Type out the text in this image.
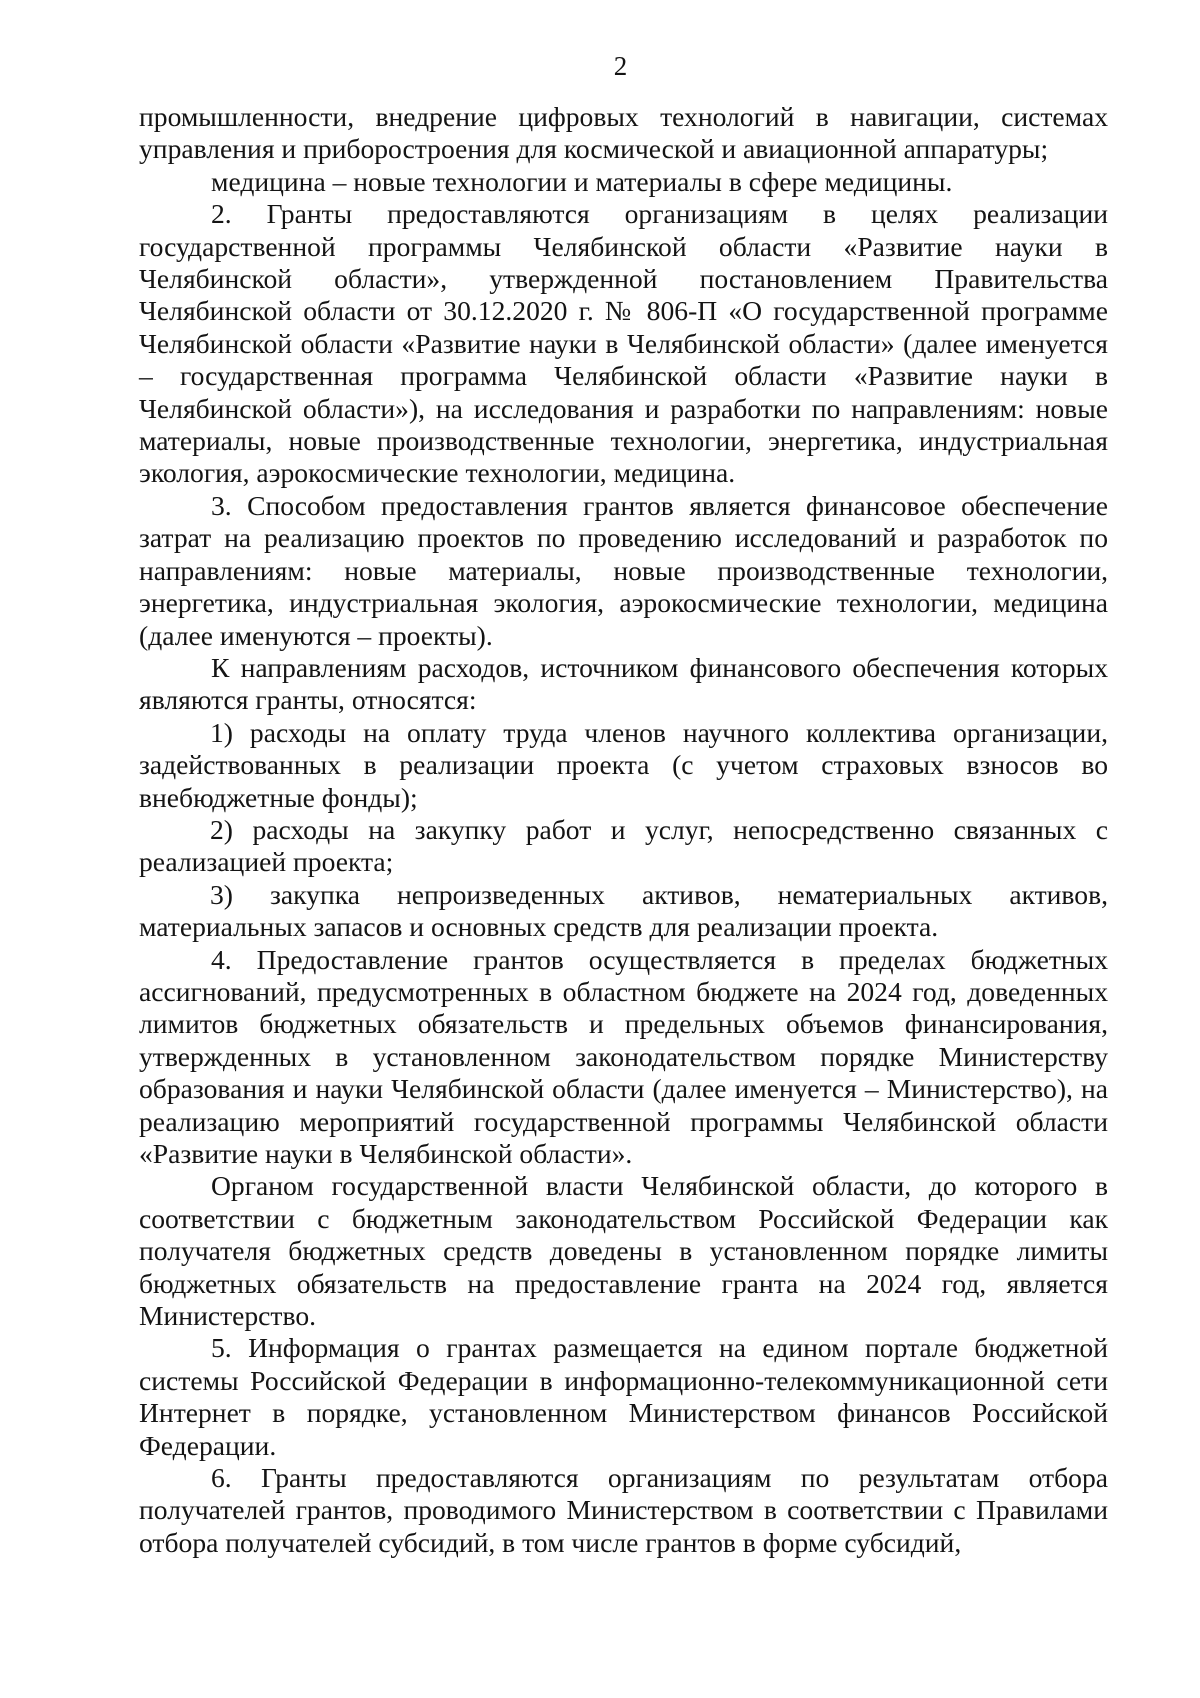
2

промышленности, внедрение цифровых технологий в навигации, системах управления и приборостроения для космической и авиационной аппаратуры;

медицина – новые технологии и материалы в сфере медицины.

2. Гранты предоставляются организациям в целях реализации государственной программы Челябинской области «Развитие науки в Челябинской области», утвержденной постановлением Правительства Челябинской области от 30.12.2020 г. № 806-П «О государственной программе Челябинской области «Развитие науки в Челябинской области» (далее именуется – государственная программа Челябинской области «Развитие науки в Челябинской области»), на исследования и разработки по направлениям: новые материалы, новые производственные технологии, энергетика, индустриальная экология, аэрокосмические технологии, медицина.

3. Способом предоставления грантов является финансовое обеспечение затрат на реализацию проектов по проведению исследований и разработок по направлениям: новые материалы, новые производственные технологии, энергетика, индустриальная экология, аэрокосмические технологии, медицина (далее именуются – проекты).

К направлениям расходов, источником финансового обеспечения которых являются гранты, относятся:

1) расходы на оплату труда членов научного коллектива организации, задействованных в реализации проекта (с учетом страховых взносов во внебюджетные фонды);

2) расходы на закупку работ и услуг, непосредственно связанных с реализацией проекта;

3) закупка непроизведенных активов, нематериальных активов, материальных запасов и основных средств для реализации проекта.

4. Предоставление грантов осуществляется в пределах бюджетных ассигнований, предусмотренных в областном бюджете на 2024 год, доведенных лимитов бюджетных обязательств и предельных объемов финансирования, утвержденных в установленном законодательством порядке Министерству образования и науки Челябинской области (далее именуется – Министерство), на реализацию мероприятий государственной программы Челябинской области «Развитие науки в Челябинской области».

Органом государственной власти Челябинской области, до которого в соответствии с бюджетным законодательством Российской Федерации как получателя бюджетных средств доведены в установленном порядке лимиты бюджетных обязательств на предоставление гранта на 2024 год, является Министерство.

5. Информация о грантах размещается на едином портале бюджетной системы Российской Федерации в информационно-телекоммуникационной сети Интернет в порядке, установленном Министерством финансов Российской Федерации.

6. Гранты предоставляются организациям по результатам отбора получателей грантов, проводимого Министерством в соответствии с Правилами отбора получателей субсидий, в том числе грантов в форме субсидий,
